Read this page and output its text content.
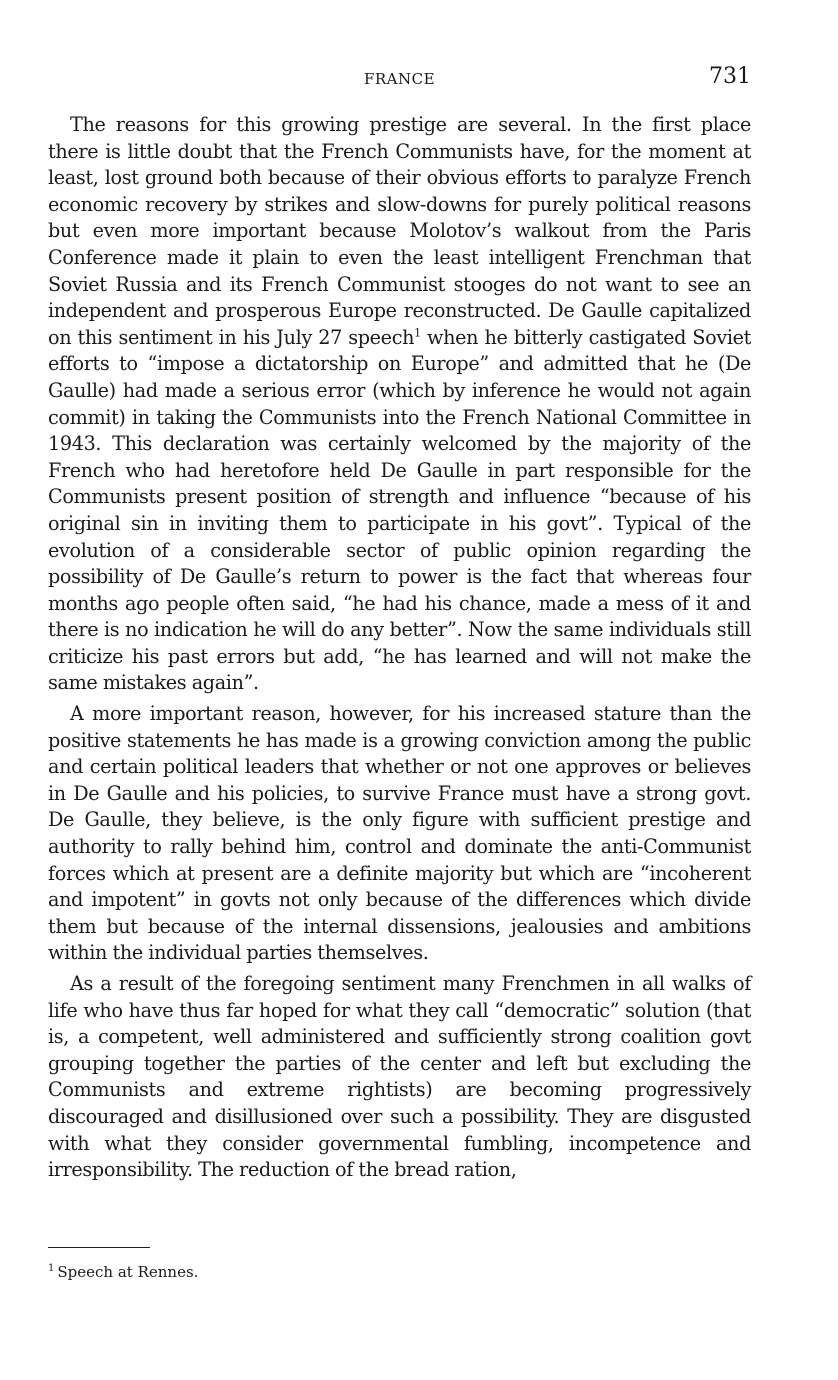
FRANCE	731

The reasons for this growing prestige are several. In the first place there is little doubt that the French Communists have, for the moment at least, lost ground both because of their obvious efforts to paralyze French economic recovery by strikes and slow-downs for purely political reasons but even more important because Molotov’s walkout from the Paris Conference made it plain to even the least intelligent Frenchman that Soviet Russia and its French Communist stooges do not want to see an independent and prosperous Europe reconstructed. De Gaulle capitalized on this sentiment in his July 27 speech$^1$ when he bitterly castigated Soviet efforts to “impose a dictatorship on Europe” and admitted that he (De Gaulle) had made a serious error (which by inference he would not again commit) in taking the Communists into the French National Committee in 1943. This declaration was certainly welcomed by the majority of the French who had heretofore held De Gaulle in part responsible for the Communists present position of strength and influence “because of his original sin in inviting them to participate in his govt”. Typical of the evolution of a considerable sector of public opinion regarding the possibility of De Gaulle’s return to power is the fact that whereas four months ago people often said, “he had his chance, made a mess of it and there is no indication he will do any better”. Now the same individuals still criticize his past errors but add, “he has learned and will not make the same mistakes again”.

A more important reason, however, for his increased stature than the positive statements he has made is a growing conviction among the public and certain political leaders that whether or not one approves or believes in De Gaulle and his policies, to survive France must have a strong govt. De Gaulle, they believe, is the only figure with sufficient prestige and authority to rally behind him, control and dominate the anti-Communist forces which at present are a definite majority but which are “incoherent and impotent” in govts not only because of the differences which divide them but because of the internal dissensions, jealousies and ambitions within the individual parties themselves.

As a result of the foregoing sentiment many Frenchmen in all walks of life who have thus far hoped for what they call “democratic” solution (that is, a competent, well administered and sufficiently strong coalition govt grouping together the parties of the center and left but excluding the Communists and extreme rightists) are becoming progressively discouraged and disillusioned over such a possibility. They are disgusted with what they consider governmental fumbling, incompetence and irresponsibility. The reduction of the bread ration,

$^1$ Speech at Rennes.
